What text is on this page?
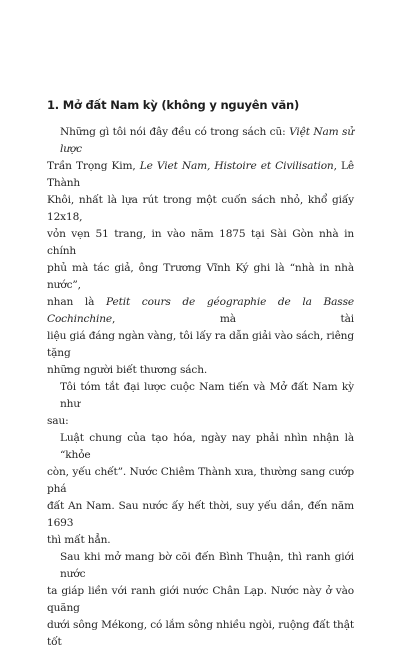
1. Mở đất Nam kỳ (không y nguyên văn)
Những gì tôi nói đây đều có trong sách cũ: Việt Nam sử lược
Trần Trọng Kim, Le Viet Nam, Histoire et Civilisation, Lê Thành
Khôi, nhất là lựa rút trong một cuốn sách nhỏ, khổ giấy 12x18,
vỏn vẹn 51 trang, in vào năm 1875 tại Sài Gòn nhà in chính
phủ mà tác giả, ông Trương Vĩnh Ký ghi là “nhà in nhà nước”,
nhan là Petit cours de géographie de la Basse Cochinchine, mà tài
liệu giá đáng ngàn vàng, tôi lấy ra dẫn giải vào sách, riêng tặng
những người biết thương sách.
Tôi tóm tắt đại lược cuộc Nam tiến và Mở đất Nam kỳ như
sau:
Luật chung của tạo hóa, ngày nay phải nhìn nhận là “khỏe
còn, yếu chết”. Nước Chiêm Thành xưa, thường sang cướp phá
đất An Nam. Sau nước ấy hết thời, suy yếu dần, đến năm 1693
thì mất hẳn.
Sau khi mở mang bờ cõi đến Bình Thuận, thì ranh giới nước
ta giáp liền với ranh giới nước Chân Lạp. Nước này ở vào quãng
dưới sông Mékong, có lắm sông nhiều ngòi, ruộng đất thật tốt
